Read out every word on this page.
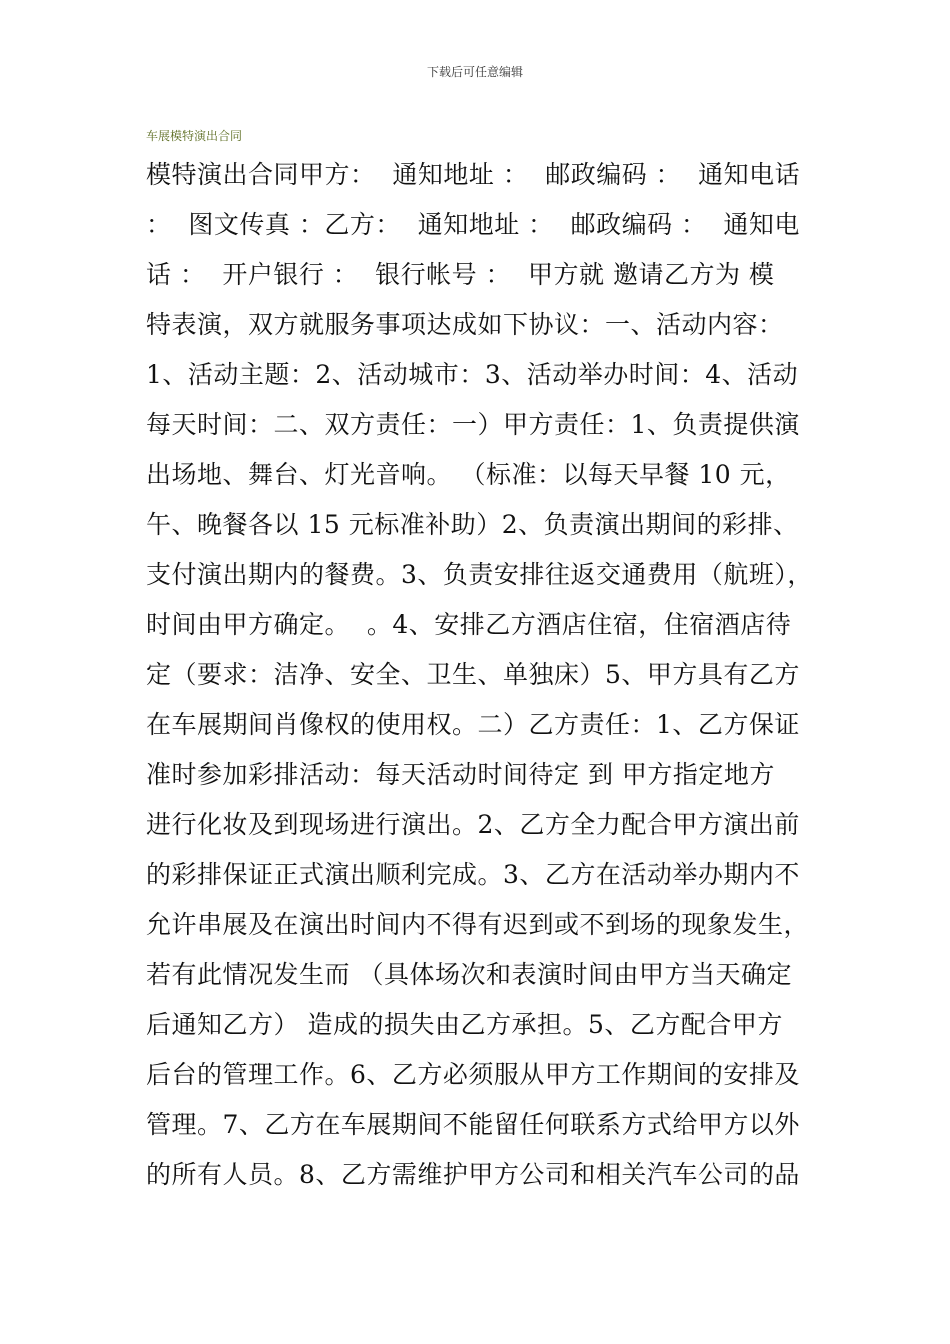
下载后可任意编辑
车展模特演出合同
模特演出合同甲方：  通知地址 ：  邮政编码 ：  通知电话
：  图文传真 ：乙方：  通知地址 ：  邮政编码 ：  通知电
话 ：  开户银行 ：  银行帐号 ：  甲方就 邀请乙方为 模
特表演，双方就服务事项达成如下协议：一、活动内容：
1、活动主题：2、活动城市：3、活动举办时间：4、活动
每天时间：二、双方责任：一）甲方责任：1、负责提供演
出场地、舞台、灯光音响。 （标准：以每天早餐 10 元，
午、晚餐各以 15 元标准补助）2、负责演出期间的彩排、
支付演出期内的餐费。3、负责安排往返交通费用（航班），
时间由甲方确定。  。4、安排乙方酒店住宿，住宿酒店待
定（要求：洁净、安全、卫生、单独床）5、甲方具有乙方
在车展期间肖像权的使用权。二）乙方责任：1、乙方保证
准时参加彩排活动：每天活动时间待定 到 甲方指定地方
进行化妆及到现场进行演出。2、乙方全力配合甲方演出前
的彩排保证正式演出顺利完成。3、乙方在活动举办期内不
允许串展及在演出时间内不得有迟到或不到场的现象发生，
若有此情况发生而 （具体场次和表演时间由甲方当天确定
后通知乙方） 造成的损失由乙方承担。5、乙方配合甲方
后台的管理工作。6、乙方必须服从甲方工作期间的安排及
管理。7、乙方在车展期间不能留任何联系方式给甲方以外
的所有人员。8、乙方需维护甲方公司和相关汽车公司的品
